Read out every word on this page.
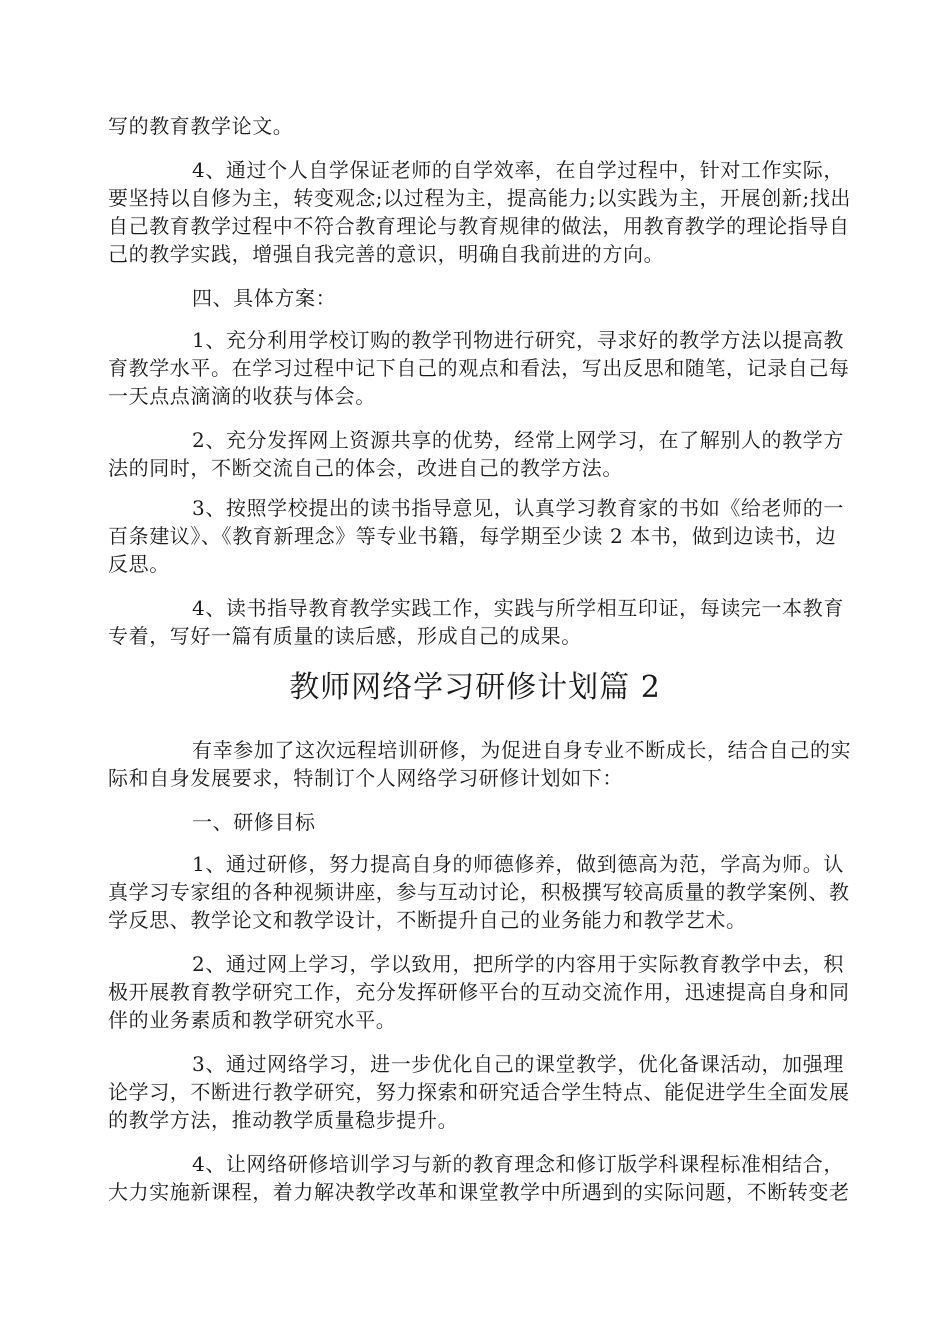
写的教育教学论文。

4、通过个人自学保证老师的自学效率，在自学过程中，针对工作实际，
要坚持以自修为主，转变观念;以过程为主，提高能力;以实践为主，开展创新;找出
自己教育教学过程中不符合教育理论与教育规律的做法，用教育教学的理论指导自
己的教学实践，增强自我完善的意识，明确自我前进的方向。

四、具体方案：

1、充分利用学校订购的教学刊物进行研究，寻求好的教学方法以提高教
育教学水平。在学习过程中记下自己的观点和看法，写出反思和随笔，记录自己每
一天点点滴滴的收获与体会。

2、充分发挥网上资源共享的优势，经常上网学习，在了解别人的教学方
法的同时，不断交流自己的体会，改进自己的教学方法。

3、按照学校提出的读书指导意见，认真学习教育家的书如《给老师的一
百条建议》、《教育新理念》等专业书籍，每学期至少读 2 本书，做到边读书，边
反思。

4、读书指导教育教学实践工作，实践与所学相互印证，每读完一本教育
专着，写好一篇有质量的读后感，形成自己的成果。

教师网络学习研修计划篇 2

有幸参加了这次远程培训研修，为促进自身专业不断成长，结合自己的实
际和自身发展要求，特制订个人网络学习研修计划如下：

一、研修目标

1、通过研修，努力提高自身的师德修养，做到德高为范，学高为师。认
真学习专家组的各种视频讲座，参与互动讨论，积极撰写较高质量的教学案例、教
学反思、教学论文和教学设计，不断提升自己的业务能力和教学艺术。

2、通过网上学习，学以致用，把所学的内容用于实际教育教学中去，积
极开展教育教学研究工作，充分发挥研修平台的互动交流作用，迅速提高自身和同
伴的业务素质和教学研究水平。

3、通过网络学习，进一步优化自己的课堂教学，优化备课活动，加强理
论学习，不断进行教学研究，努力探索和研究适合学生特点、能促进学生全面发展
的教学方法，推动教学质量稳步提升。

4、让网络研修培训学习与新的教育理念和修订版学科课程标准相结合，
大力实施新课程，着力解决教学改革和课堂教学中所遇到的实际问题，不断转变老
